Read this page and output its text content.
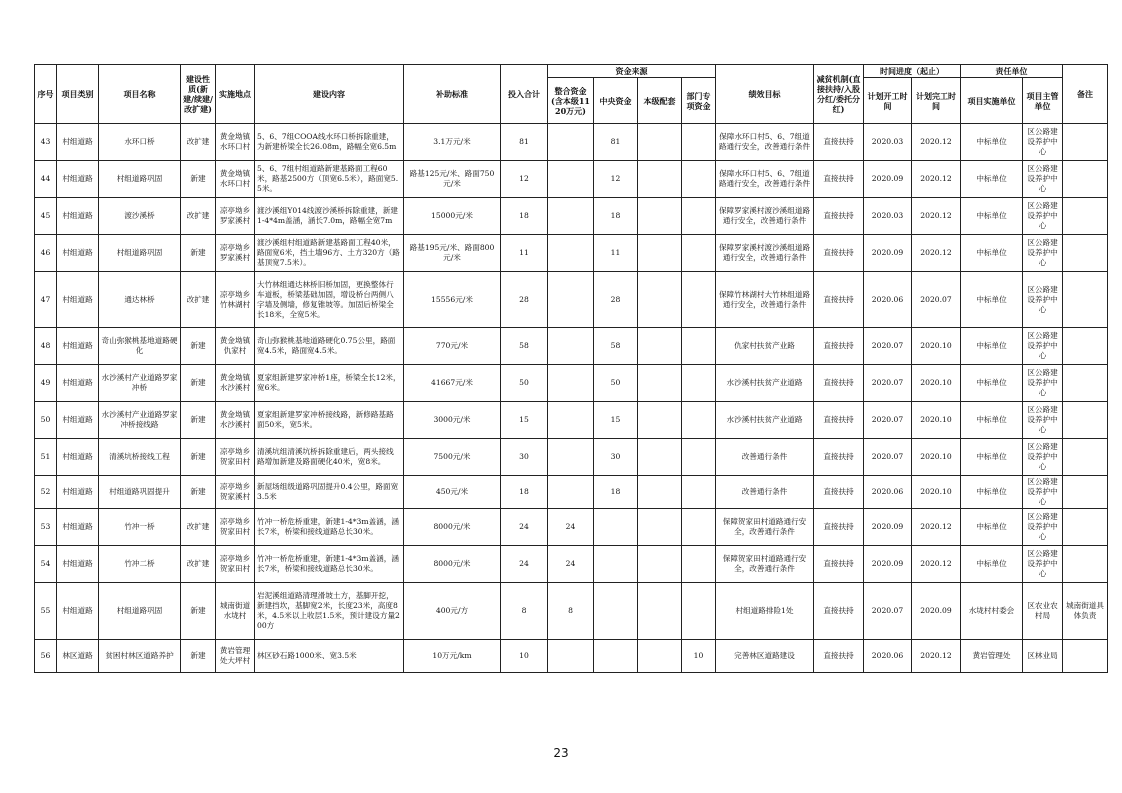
序号	项目类别	项目名称	建设性质(新建/续建/改扩建)	实施地点	建设内容	补助标准	投入合计	资金来源				绩效目标	减贫机制(直接扶持/入股分红/委托分红)	时间进度（起止）		责任单位		备注
								整合资金(含本级1120万元)	中央资金	本级配套	部门专项资金			计划开工时间	计划完工时间	项目实施单位	项目主管单位	
43	村组道路	水环口桥	改扩建	黄金坳镇水环口村	5、6、7组COOA线水环口桥拆除重建，为新建桥梁全长26.08m，路幅全宽6.5m	3.1万元/米	81		81			保障水环口村5、6、7组道路通行安全，改善通行条件	直接扶持	2020.03	2020.12	中标单位	区公路建设养护中心	
44	村组道路	村组道路巩固	新建	黄金坳镇水环口村	5、6、7组村组道路新建基路面工程60米，路基2500方（顶宽6.5米），路面宽5.5米。	路基125元/米、路面750元/米	12		12			保障水环口村5、6、7组道路通行安全，改善通行条件	直接扶持	2020.09	2020.12	中标单位	区公路建设养护中心	
45	村组道路	渡沙溪桥	改扩建	凉亭坳乡罗家溪村	渡沙溪组Y014线渡沙溪桥拆除重建，新建1-4*4m盖涵，涵长7.0m，路幅全宽7m	15000元/米	18		18			保障罗家溪村渡沙溪组道路通行安全，改善通行条件	直接扶持	2020.03	2020.12	中标单位	区公路建设养护中心	
46	村组道路	村组道路巩固	新建	凉亭坳乡罗家溪村	渡沙溪组村组道路新建基路面工程40米，路面宽6米，挡土墙96方、土方320方（路基顶宽7.5米）。	路基195元/米、路面800元/米	11		11			保障罗家溪村渡沙溪组道路通行安全，改善通行条件	直接扶持	2020.09	2020.12	中标单位	区公路建设养护中心	
47	村组道路	通达林桥	改扩建	凉亭坳乡竹林湖村	大竹林组通达林桥旧桥加固，更换整体行车道板，桥梁基础加固，增设桥台两侧八字墙及侧墙，修复锥坡等。加固后桥梁全长18米，全宽5米。	15556元/米	28		28			保障竹林湖村大竹林组道路通行安全，改善通行条件	直接扶持	2020.06	2020.07	中标单位	区公路建设养护中心	
48	村组道路	奇山弥猴桃基地道路硬化	新建	黄金坳镇仇家村	奇山弥猴桃基地道路硬化0.75公里，路面宽4.5米，路面宽4.5米。	770元/米	58		58			仇家村扶贫产业路	直接扶持	2020.07	2020.10	中标单位	区公路建设养护中心	
49	村组道路	水沙溪村产业道路罗家冲桥	新建	黄金坳镇水沙溪村	夏家组新建罗家冲桥1座，桥梁全长12米，宽6米。	41667元/米	50		50			水沙溪村扶贫产业道路	直接扶持	2020.07	2020.10	中标单位	区公路建设养护中心	
50	村组道路	水沙溪村产业道路罗家冲桥接线路	新建	黄金坳镇水沙溪村	夏家组新建罗家冲桥接线路，新修路基路面50米，宽5米。	3000元/米	15		15			水沙溪村扶贫产业道路	直接扶持	2020.07	2020.10	中标单位	区公路建设养护中心	
51	村组道路	清溪坑桥接线工程	新建	凉亭坳乡贺家田村	清溪坑组清溪坑桥拆除重建后，两头接线路增加新建及路面硬化40米，宽8米。	7500元/米	30		30			改善通行条件	直接扶持	2020.07	2020.10	中标单位	区公路建设养护中心	
52	村组道路	村组道路巩固提升	新建	凉亭坳乡贺家溪村	新屋场组级道路巩固提升0.4公里，路面宽3.5米	450元/米	18		18			改善通行条件	直接扶持	2020.06	2020.10	中标单位	区公路建设养护中心	
53	村组道路	竹冲一桥	改扩建	凉亭坳乡贺家田村	竹冲一桥危桥重建，新建1-4*3m盖涵，涵长7米，桥梁和接线道路总长30米。	8000元/米	24	24				保障贺家田村道路通行安全，改善通行条件	直接扶持	2020.09	2020.12	中标单位	区公路建设养护中心	
54	村组道路	竹冲二桥	改扩建	凉亭坳乡贺家田村	竹冲一桥危桥重建，新建1-4*3m盖涵，涵长7米，桥梁和接线道路总长30米。	8000元/米	24	24				保障贺家田村道路通行安全，改善通行条件	直接扶持	2020.09	2020.12	中标单位	区公路建设养护中心	
55	村组道路	村组道路巩固	新建	城南街道水垅村	岩泥溪组道路清理滑坡土方，基脚开挖，新建挡坎，基脚宽2米，长度23米，高度8米，4.5米以上收层1.5米，预计建设方量200方	400元/方	8	8				村组道路排险1处	直接扶持	2020.07	2020.09	水垅村村委会	区农业农村局	城南街道具体负责
56	林区道路	贫困村林区道路养护	新建	黄岩管理处大坪村	林区砂石路1000米、宽3.5米	10万元/km	10				10	完善林区道路建设	直接扶持	2020.06	2020.12	黄岩管理处	区林业局	
23
